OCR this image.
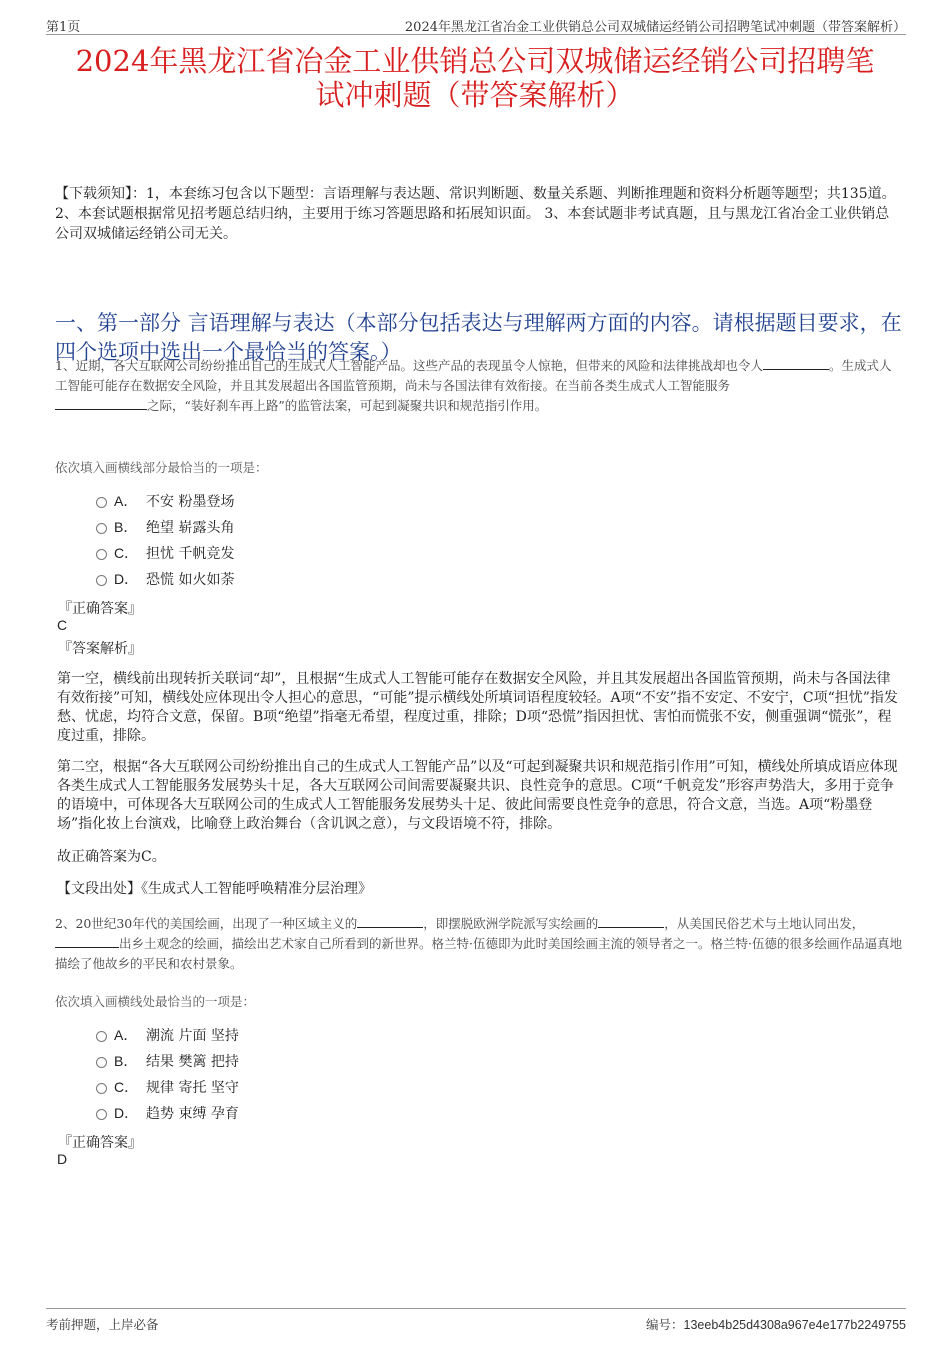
第1页	2024年黑龙江省冶金工业供销总公司双城储运经销公司招聘笔试冲刺题（带答案解析）
2024年黑龙江省冶金工业供销总公司双城储运经销公司招聘笔
试冲刺题（带答案解析）
【下载须知】：1，本套练习包含以下题型：言语理解与表达题、常识判断题、数量关系题、判断推理题和资料分析题等题型；共135道。 2、本套试题根据常见招考题总结归纳，主要用于练习答题思路和拓展知识面。 3、本套试题非考试真题，且与黑龙江省冶金工业供销总公司双城储运经销公司无关。
一、第一部分 言语理解与表达（本部分包括表达与理解两方面的内容。请根据题目要求，在四个选项中选出一个最恰当的答案。）
1、近期，各大互联网公司纷纷推出自己的生成式人工智能产品。这些产品的表现虽令人惊艳，但带来的风险和法律挑战却也令人	。生成式人工智能可能存在数据安全风险，并且其发展超出各国监管预期，尚未与各国法律有效衔接。在当前各类生成式人工智能服务
之际，“装好刹车再上路”的监管法案，可起到凝聚共识和规范指引作用。
依次填入画横线部分最恰当的一项是：
A． 不安 粉墨登场
B． 绝望 崭露头角
C． 担忧 千帆竞发
D． 恐慌 如火如荼
『正确答案』
C
『答案解析』
第一空，横线前出现转折关联词“却”，且根据“生成式人工智能可能存在数据安全风险，并且其发展超出各国监管预期，尚未与各国法律有效衔接”可知，横线处应体现出令人担心的意思，“可能”提示横线处所填词语程度较轻。A项“不安”指不安定、不安宁，C项“担忧”指发愁、忧虑，均符合文意，保留。B项“绝望”指毫无希望，程度过重，排除；D项“恐慌”指因担忧、害怕而慌张不安，侧重强调“慌张”，程度过重，排除。
第二空，根据“各大互联网公司纷纷推出自己的生成式人工智能产品”以及“可起到凝聚共识和规范指引作用”可知，横线处所填成语应体现各类生成式人工智能服务发展势头十足，各大互联网公司间需要凝聚共识、良性竞争的意思。C项“千帆竞发”形容声势浩大，多用于竞争的语境中，可体现各大互联网公司的生成式人工智能服务发展势头十足、彼此间需要良性竞争的意思，符合文意，当选。A项“粉墨登场”指化妆上台演戏，比喻登上政治舞台（含讥讽之意），与文段语境不符，排除。
故正确答案为C。
【文段出处】《生成式人工智能呼唤精准分层治理》
2、20世纪30年代的美国绘画，出现了一种区域主义的	，即摆脱欧洲学院派写实绘画的	，从美国民俗艺术与土地认同出发，出乡土观念的绘画，描绘出艺术家自己所看到的新世界。格兰特·伍德即为此时美国绘画主流的领导者之一。格兰特·伍德的很多绘画作品逼真地描绘了他故乡的平民和农村景象。
依次填入画横线处最恰当的一项是：
A． 潮流 片面 坚持
B． 结果 樊篱 把持
C． 规律 寄托 坚守
D． 趋势 束缚 孕育
『正确答案』
D
考前押题，上岸必备	编号：13eeb4b25d4308a967e4e177b2249755
